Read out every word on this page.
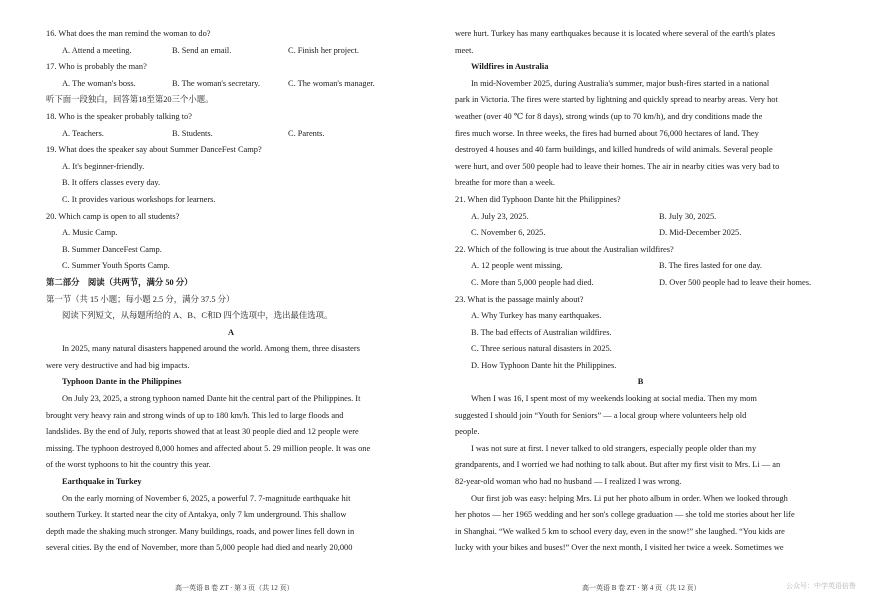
16. What does the man remind the woman to do?
A. Attend a meeting.	B. Send an email.	C. Finish her project.
17. Who is probably the man?
A. The woman's boss.	B. The woman's secretary.	C. The woman's manager.
听下面一段独白，回答第18至第20三个小题。
18. Who is the speaker probably talking to?
A. Teachers.	B. Students.	C. Parents.
19. What does the speaker say about Summer DanceFest Camp?
A. It's beginner-friendly.
B. It offers classes every day.
C. It provides various workshops for learners.
20. Which camp is open to all students?
A. Music Camp.
B. Summer DanceFest Camp.
C. Summer Youth Sports Camp.
第二部分　阅读（共两节，满分 50 分）
第一节（共 15 小题；每小题 2.5 分，满分 37.5 分）
阅读下列短文，从每题所给的 A、B、C和D 四个选项中，选出最佳选项。
A
In 2025, many natural disasters happened around the world. Among them, three disasters
were very destructive and had big impacts.
Typhoon Dante in the Philippines
On July 23, 2025, a strong typhoon named Dante hit the central part of the Philippines. It
brought very heavy rain and strong winds of up to 180 km/h. This led to large floods and
landslides. By the end of July, reports showed that at least 30 people died and 12 people were
missing. The typhoon destroyed 8,000 homes and affected about 5. 29 million people. It was one
of the worst typhoons to hit the country this year.
Earthquake in Turkey
On the early morning of November 6, 2025, a powerful 7. 7-magnitude earthquake hit
southern Turkey. It started near the city of Antakya, only 7 km underground. This shallow
depth made the shaking much stronger. Many buildings, roads, and power lines fell down in
several cities. By the end of November, more than 5,000 people had died and nearly 20,000
were hurt. Turkey has many earthquakes because it is located where several of the earth's plates
meet.
Wildfires in Australia
In mid-November 2025, during Australia's summer, major bush-fires started in a national
park in Victoria. The fires were started by lightning and quickly spread to nearby areas. Very hot
weather (over 40 ℃ for 8 days), strong winds (up to 70 km/h), and dry conditions made the
fires much worse. In three weeks, the fires had burned about 76,000 hectares of land. They
destroyed 4 houses and 40 farm buildings, and killed hundreds of wild animals. Several people
were hurt, and over 500 people had to leave their homes. The air in nearby cities was very bad to
breathe for more than a week.
21. When did Typhoon Dante hit the Philippines?
A. July 23, 2025.	B. July 30, 2025.
C. November 6, 2025.	D. Mid-December 2025.
22. Which of the following is true about the Australian wildfires?
A. 12 people went missing.	B. The fires lasted for one day.
C. More than 5,000 people had died.	D. Over 500 people had to leave their homes.
23. What is the passage mainly about?
A. Why Turkey has many earthquakes.
B. The bad effects of Australian wildfires.
C. Three serious natural disasters in 2025.
D. How Typhoon Dante hit the Philippines.
B
When I was 16, I spent most of my weekends looking at social media. Then my mom
suggested I should join “Youth for Seniors” — a local group where volunteers help old
people.
I was not sure at first. I never talked to old strangers, especially people older than my
grandparents, and I worried we had nothing to talk about. But after my first visit to Mrs. Li — an
82-year-old woman who had no husband — I realized I was wrong.
Our first job was easy: helping Mrs. Li put her photo album in order. When we looked through
her photos — her 1965 wedding and her son's college graduation — she told me stories about her life
in Shanghai. “We walked 5 km to school every day, even in the snow!” she laughed. “You kids are
lucky with your bikes and buses!” Over the next month, I visited her twice a week. Sometimes we
高一英语 B 卷 ZT · 第 3 页（共 12 页）	高一英语 B 卷 ZT · 第 4 页（共 12 页）	公众号：中学英语倍鲁
